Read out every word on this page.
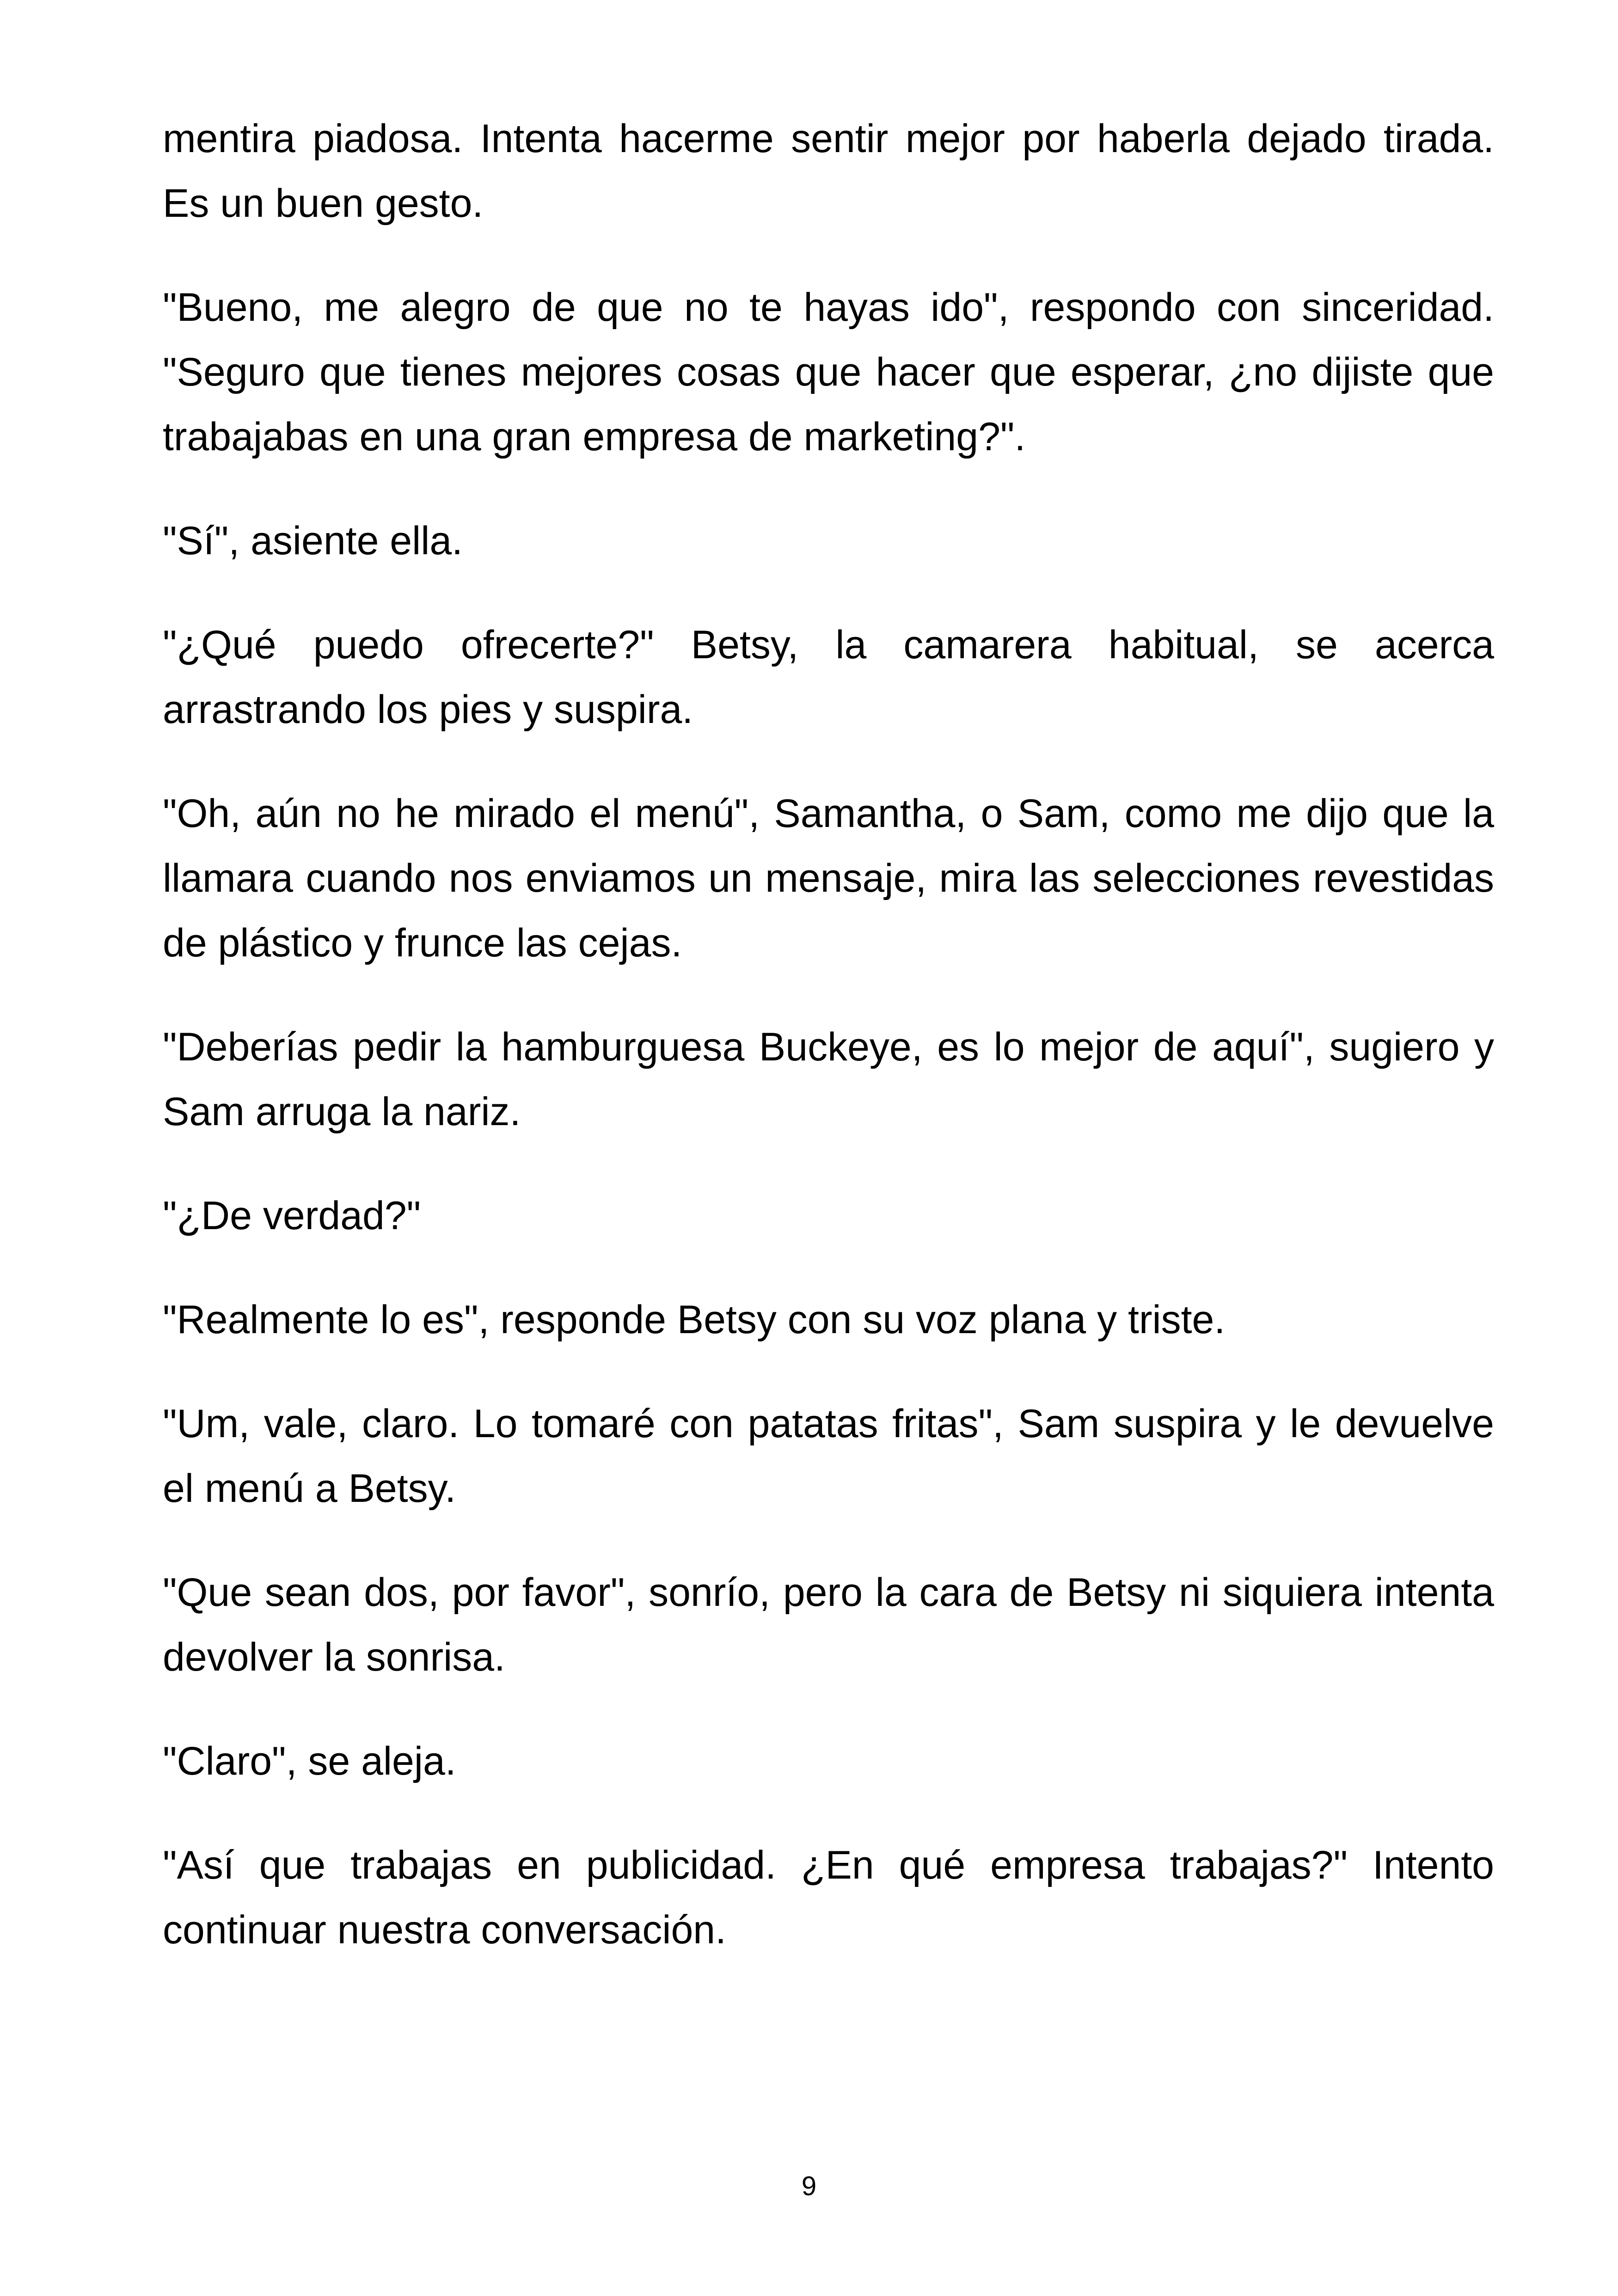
mentira piadosa. Intenta hacerme sentir mejor por haberla dejado tirada. Es un buen gesto.

"Bueno, me alegro de que no te hayas ido", respondo con sinceridad. "Seguro que tienes mejores cosas que hacer que esperar, ¿no dijiste que trabajabas en una gran empresa de marketing?".

"Sí", asiente ella.

"¿Qué puedo ofrecerte?" Betsy, la camarera habitual, se acerca arrastrando los pies y suspira.

"Oh, aún no he mirado el menú", Samantha, o Sam, como me dijo que la llamara cuando nos enviamos un mensaje, mira las selecciones revestidas de plástico y frunce las cejas.

"Deberías pedir la hamburguesa Buckeye, es lo mejor de aquí", sugiero y Sam arruga la nariz.

"¿De verdad?"

"Realmente lo es", responde Betsy con su voz plana y triste.

"Um, vale, claro. Lo tomaré con patatas fritas", Sam suspira y le devuelve el menú a Betsy.

"Que sean dos, por favor", sonrío, pero la cara de Betsy ni siquiera intenta devolver la sonrisa.

"Claro", se aleja.

"Así que trabajas en publicidad. ¿En qué empresa trabajas?" Intento continuar nuestra conversación.

9
